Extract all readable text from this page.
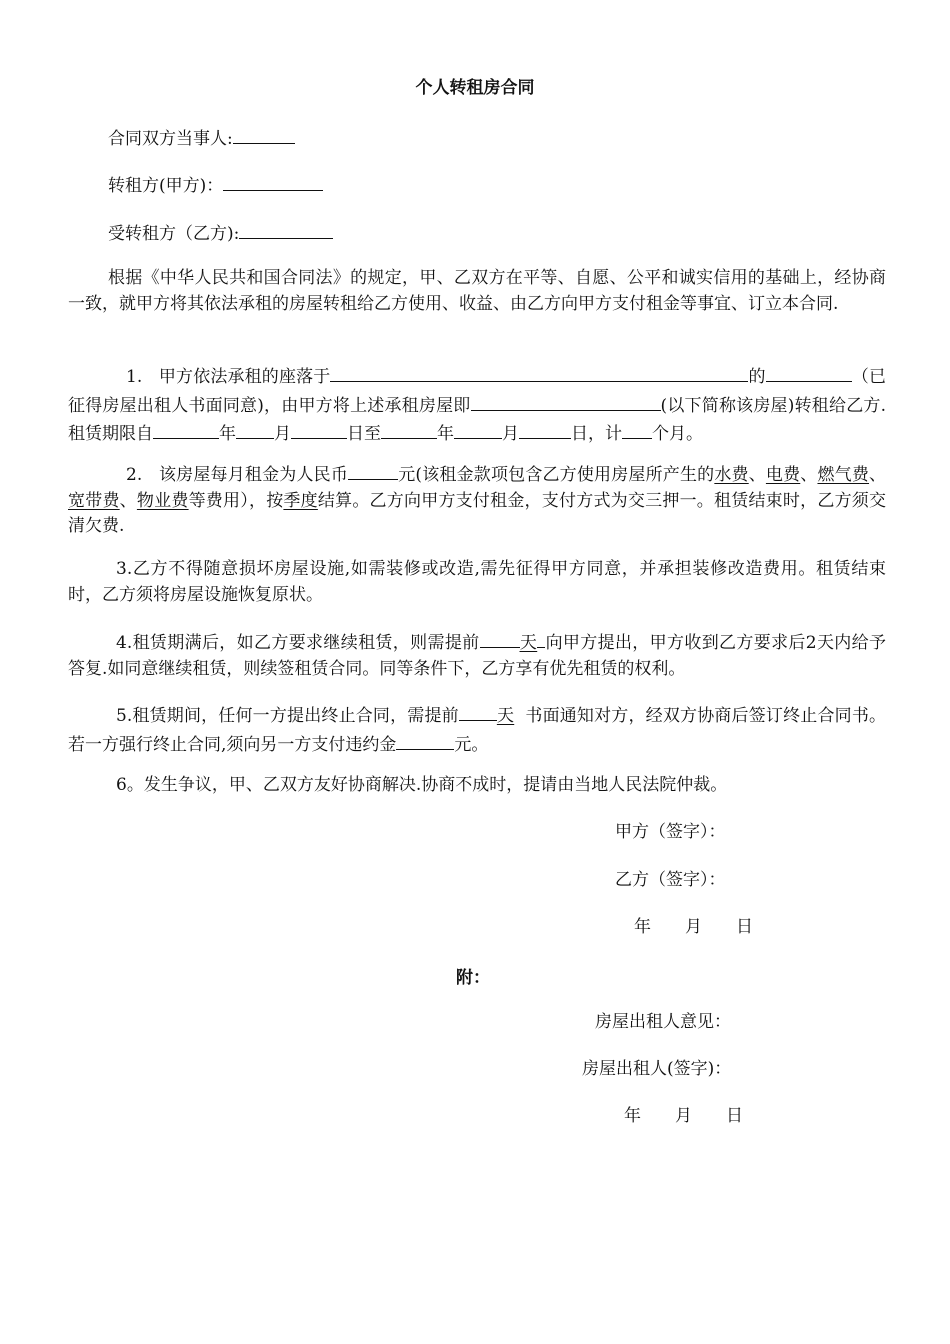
个人转租房合同
合同双方当事人:
转租方(甲方)：
受转租方（乙方):
根据《中华人民共和国合同法》的规定，甲、乙双方在平等、自愿、公平和诚实信用的基础上，经协商一致，就甲方将其依法承租的房屋转租给乙方使用、收益、由乙方向甲方支付租金等事宜、订立本合同.
1. 甲方依法承租的座落于	的	（已征得房屋出租人书面同意)，由甲方将上述承租房屋即	(以下简称该房屋)转租给乙方.租赁期限自	年 月	日至	年	月	日，计 个月。
2. 该房屋每月租金为人民币	元(该租金款项包含乙方使用房屋所产生的水费、电费、燃气费、宽带费、物业费等费用），按季度结算。乙方向甲方支付租金，支付方式为交三押一。租赁结束时，乙方须交清欠费.
3.乙方不得随意损坏房屋设施,如需装修或改造,需先征得甲方同意，并承担装修改造费用。租赁结束时，乙方须将房屋设施恢复原状。
4.租赁期满后，如乙方要求继续租赁，则需提前 天 向甲方提出，甲方收到乙方要求后2天内给予答复.如同意继续租赁，则续签租赁合同。同等条件下，乙方享有优先租赁的权利。
5.租赁期间，任何一方提出终止合同，需提前 天 书面通知对方，经双方协商后签订终止合同书。若一方强行终止合同,须向另一方支付违约金	元。
6。发生争议，甲、乙双方友好协商解决.协商不成时，提请由当地人民法院仲裁。
甲方（签字）：
乙方（签字）：
年 月 日
附：
房屋出租人意见：
房屋出租人(签字)：
年 月 日
